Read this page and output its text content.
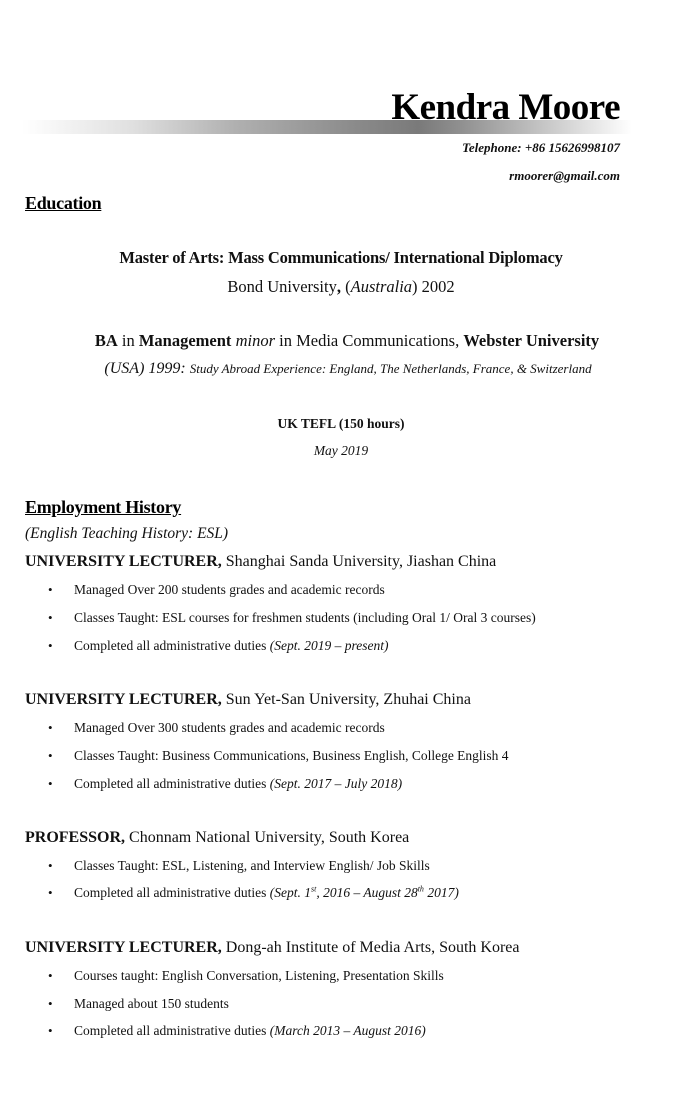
Kendra Moore
Telephone: +86 15626998107
rmoorer@gmail.com
Education
Master of Arts: Mass Communications/ International Diplomacy
Bond University, (Australia) 2002
BA in Management minor in Media Communications, Webster University
(USA) 1999: Study Abroad Experience: England, The Netherlands, France, & Switzerland
UK TEFL (150 hours)
May 2019
Employment History
(English Teaching History: ESL)
UNIVERSITY LECTURER, Shanghai Sanda University, Jiashan China
• Managed Over 200 students grades and academic records
• Classes Taught: ESL courses for freshmen students (including Oral 1/ Oral 3 courses)
• Completed all administrative duties (Sept. 2019 – present)
UNIVERSITY LECTURER, Sun Yet-San University, Zhuhai China
• Managed Over 300 students grades and academic records
• Classes Taught: Business Communications, Business English, College English 4
• Completed all administrative duties (Sept. 2017 – July 2018)
PROFESSOR, Chonnam National University, South Korea
• Classes Taught: ESL, Listening, and Interview English/ Job Skills
• Completed all administrative duties (Sept. 1st, 2016 – August 28th 2017)
UNIVERSITY LECTURER, Dong-ah Institute of Media Arts, South Korea
• Courses taught: English Conversation, Listening, Presentation Skills
• Managed about 150 students
• Completed all administrative duties (March 2013 – August 2016)
